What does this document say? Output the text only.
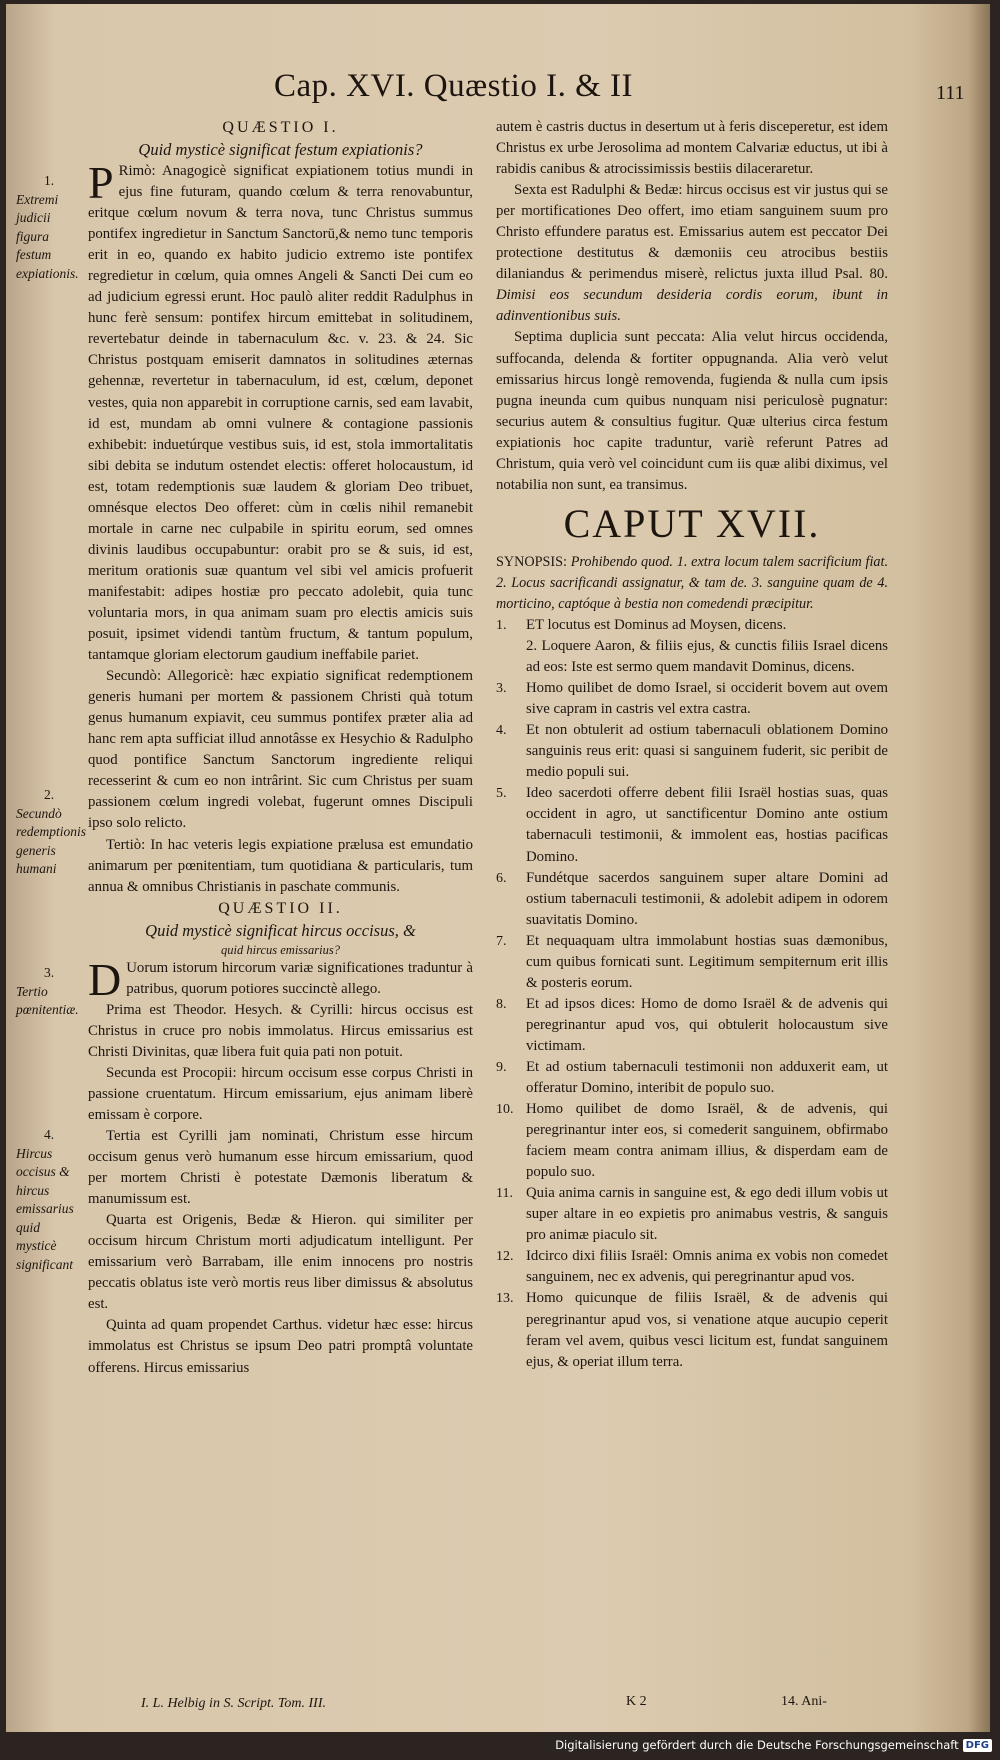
Cap. XVI. Quæstio I. & II	111
1.
Extremi judicii figura festum expiationis.
2.
Secundò redemptionis generis humani
3.
Tertio pœnitentiæ.
4.
Hircus occisus & hircus emissarius quid mysticè significant

QUÆSTIO I.

Quid mysticè significat festum expiationis?

P Rimò: Anagogicè significat expiationem totius mundi in ejus fine futuram, quando cœlum & terra renovabuntur, eritque cœlum novum & terra nova, tunc Christus summus pontifex ingredietur in Sanctum Sanctorū,& nemo tunc temporis erit in eo, quando ex habito judicio extremo iste pontifex regredietur in cœlum, quia omnes Angeli & Sancti Dei cum eo ad judicium egressi erunt. Hoc paulò aliter reddit Radulphus in hunc ferè sensum: pontifex hircum emittebat in solitudinem, revertebatur deinde in tabernaculum &c. v. 23. & 24. Sic Christus postquam emiserit damnatos in solitudines æternas gehennæ, revertetur in tabernaculum, id est, cœlum, deponet vestes, quia non apparebit in corruptione carnis, sed eam lavabit, id est, mundam ab omni vulnere & contagione passionis exhibebit: induetúrque vestibus suis, id est, stola immortalitatis sibi debita se indutum ostendet electis: offeret holocaustum, id est, totam redemptionis suæ laudem & gloriam Deo tribuet, omnésque electos Deo offeret: cùm in cœlis nihil remanebit mortale in carne nec culpabile in spiritu eorum, sed omnes divinis laudibus occupabuntur: orabit pro se & suis, id est, meritum orationis suæ quantum vel sibi vel amicis profuerit manifestabit: adipes hostiæ pro peccato adolebit, quia tunc voluntaria mors, in qua animam suam pro electis amicis suis posuit, ipsimet videndi tantùm fructum, & tantum populum, tantamque gloriam electorum gaudium ineffabile pariet.

Secundò: Allegoricè: hæc expiatio significat redemptionem generis humani per mortem & passionem Christi quà totum genus humanum expiavit, ceu summus pontifex præter alia ad hanc rem apta sufficiat illud annotâsse ex Hesychio & Radulpho quod pontifice Sanctum Sanctorum ingrediente reliqui recesserint & cum eo non intrârint. Sic cum Christus per suam passionem cœlum ingredi volebat, fugerunt omnes Discipuli ipso solo relicto.

Tertiò: In hac veteris legis expiatione prælusa est emundatio animarum per pœnitentiam, tum quotidiana & particularis, tum annua & omnibus Christianis in paschate communis.

QUÆSTIO II.

Quid mysticè significat hircus occisus, &

quid hircus emissarius?

D Uorum istorum hircorum variæ significationes traduntur à patribus, quorum potiores succinctè allego.

Prima est Theodor. Hesych. & Cyrilli: hircus occisus est Christus in cruce pro nobis immolatus. Hircus emissarius est Christi Divinitas, quæ libera fuit quia pati non potuit.

Secunda est Procopii: hircum occisum esse corpus Christi in passione cruentatum. Hircum emissarium, ejus animam liberè emissam è corpore.

Tertia est Cyrilli jam nominati, Christum esse hircum occisum genus verò humanum esse hircum emissarium, quod per mortem Christi è potestate Dæmonis liberatum & manumissum est.

Quarta est Origenis, Bedæ & Hieron. qui similiter per occisum hircum Christum morti adjudicatum intelligunt. Per emissarium verò Barrabam, ille enim innocens pro nostris peccatis oblatus iste verò mortis reus liber dimissus & absolutus est.

Quinta ad quam propendet Carthus. videtur hæc esse: hircus immolatus est Christus se ipsum Deo patri promptâ voluntate offerens. Hircus emissarius

autem è castris ductus in desertum ut à feris disceperetur, est idem Christus ex urbe Jerosolima ad montem Calvariæ eductus, ut ibi à rabidis canibus & atrocissimissis bestiis dilaceraretur.

Sexta est Radulphi & Bedæ: hircus occisus est vir justus qui se per mortificationes Deo offert, imo etiam sanguinem suum pro Christo effundere paratus est. Emissarius autem est peccator Dei protectione destitutus & dæmoniis ceu atrocibus bestiis dilaniandus & perimendus miserè, relictus juxta illud Psal. 80. Dimisi eos secundum desideria cordis eorum, ibunt in adinventionibus suis.

Septima duplicia sunt peccata: Alia velut hircus occidenda, suffocanda, delenda & fortiter oppugnanda. Alia verò velut emissarius hircus longè removenda, fugienda & nulla cum ipsis pugna ineunda cum quibus nunquam nisi periculosè pugnatur: securius autem & consultius fugitur. Quæ ulterius circa festum expiationis hoc capite traduntur, variè referunt Patres ad Christum, quia verò vel coincidunt cum iis quæ alibi diximus, vel notabilia non sunt, ea transimus.

CAPUT XVII.

SYNOPSIS: Prohibendo quod. 1. extra locum talem sacrificium fiat. 2. Locus sacrificandi assignatur, & tam de. 3. sanguine quam de 4. morticino, captóque à bestia non comedendi præcipitur.

1.	ET locutus est Dominus ad Moysen, dicens.
2. Loquere Aaron, & filiis ejus, & cunctis filiis Israel dicens ad eos: Iste est sermo quem mandavit Dominus, dicens.
3.	Homo quilibet de domo Israel, si occiderit bovem aut ovem sive capram in castris vel extra castra.
4.	Et non obtulerit ad ostium tabernaculi oblationem Domino sanguinis reus erit: quasi si sanguinem fuderit, sic peribit de medio populi sui.
5.	Ideo sacerdoti offerre debent filii Israël hostias suas, quas occident in agro, ut sanctificentur Domino ante ostium tabernaculi testimonii, & immolent eas, hostias pacificas Domino.
6.	Fundétque sacerdos sanguinem super altare Domini ad ostium tabernaculi testimonii, & adolebit adipem in odorem suavitatis Domino.
7.	Et nequaquam ultra immolabunt hostias suas dæmonibus, cum quibus fornicati sunt. Legitimum sempiternum erit illis & posteris eorum.
8.	Et ad ipsos dices: Homo de domo Israël & de advenis qui peregrinantur apud vos, qui obtulerit holocaustum sive victimam.
9.	Et ad ostium tabernaculi testimonii non adduxerit eam, ut offeratur Domino, interibit de populo suo.
10. Homo quilibet de domo Israël, & de advenis, qui peregrinantur inter eos, si comederit sanguinem, obfirmabo faciem meam contra animam illius, & disperdam eam de populo suo.
11. Quia anima carnis in sanguine est, & ego dedi illum vobis ut super altare in eo expietis pro animabus vestris, & sanguis pro animæ piaculo sit.
12. Idcirco dixi filiis Israël: Omnis anima ex vobis non comedet sanguinem, nec ex advenis, qui peregrinantur apud vos.
13. Homo quicunque de filiis Israël, & de advenis qui peregrinantur apud vos, si venatione atque aucupio ceperit feram vel avem, quibus vesci licitum est, fundat sanguinem ejus, & operiat illum terra.
I. L. Helbig in S. Script. Tom. III.	K 2	14. Ani-
Digitalisierung gefördert durch die Deutsche Forschungsgemeinschaft DFG
